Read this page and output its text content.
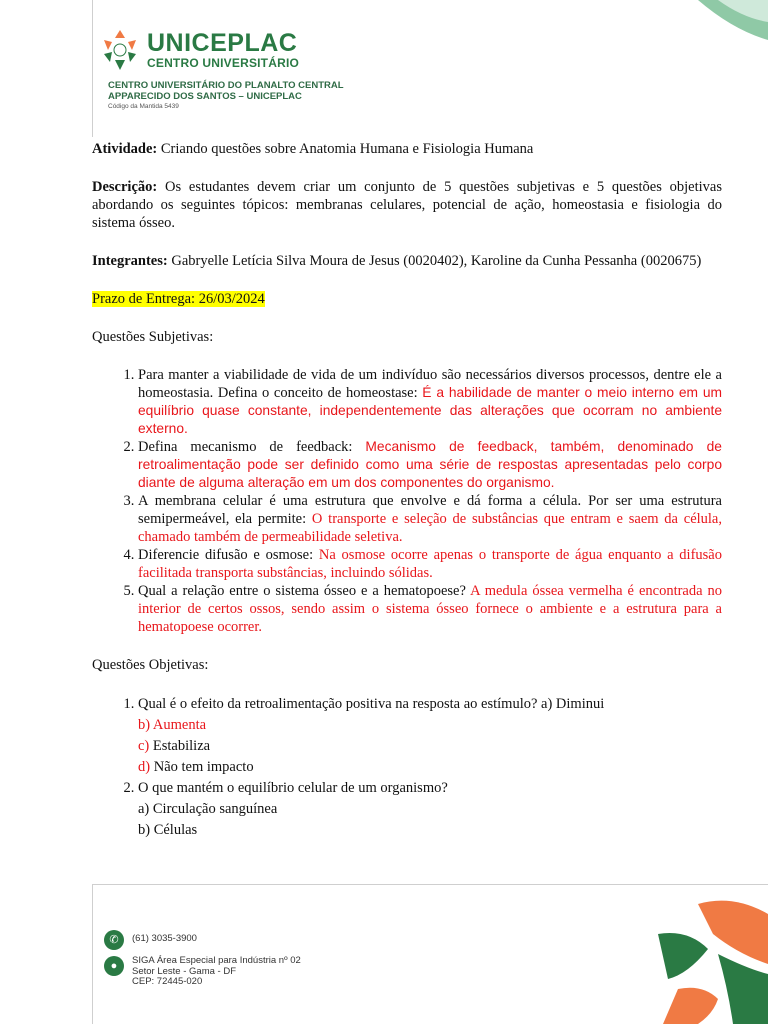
UNICEPLAC
CENTRO UNIVERSITÁRIO
CENTRO UNIVERSITÁRIO DO PLANALTO CENTRAL
APPARECIDO DOS SANTOS – UNICEPLAC
Código da Mantida 5439

Atividade: Criando questões sobre Anatomia Humana e Fisiologia Humana

Descrição: Os estudantes devem criar um conjunto de 5 questões subjetivas e 5 questões objetivas abordando os seguintes tópicos: membranas celulares, potencial de ação, homeostasia e fisiologia do sistema ósseo.

Integrantes: Gabryelle Letícia Silva Moura de Jesus (0020402), Karoline da Cunha Pessanha (0020675)

Prazo de Entrega: 26/03/2024

Questões Subjetivas:

1. Para manter a viabilidade de vida de um indivíduo são necessários diversos processos, dentre ele a homeostasia. Defina o conceito de homeostase: É a habilidade de manter o meio interno em um equilíbrio quase constante, independentemente das alterações que ocorram no ambiente externo.
2. Defina mecanismo de feedback: Mecanismo de feedback, também, denominado de retroalimentação pode ser definido como uma série de respostas apresentadas pelo corpo diante de alguma alteração em um dos componentes do organismo.
3. A membrana celular é uma estrutura que envolve e dá forma a célula. Por ser uma estrutura semipermeável, ela permite: O transporte e seleção de substâncias que entram e saem da célula, chamado também de permeabilidade seletiva.
4. Diferencie difusão e osmose: Na osmose ocorre apenas o transporte de água enquanto a difusão facilitada transporta substâncias, incluindo sólidas.
5. Qual a relação entre o sistema ósseo e a hematopoese? A medula óssea vermelha é encontrada no interior de certos ossos, sendo assim o sistema ósseo fornece o ambiente e a estrutura para a hematopoese ocorrer.

Questões Objetivas:

1. Qual é o efeito da retroalimentação positiva na resposta ao estímulo? a) Diminui
b) Aumenta
c) Estabiliza
d) Não tem impacto
2. O que mantém o equilíbrio celular de um organismo?
a) Circulação sanguínea
b) Células
✆	(61) 3035-3900
●	SIGA Área Especial para Indústria nº 02
Setor Leste - Gama - DF
CEP: 72445-020
